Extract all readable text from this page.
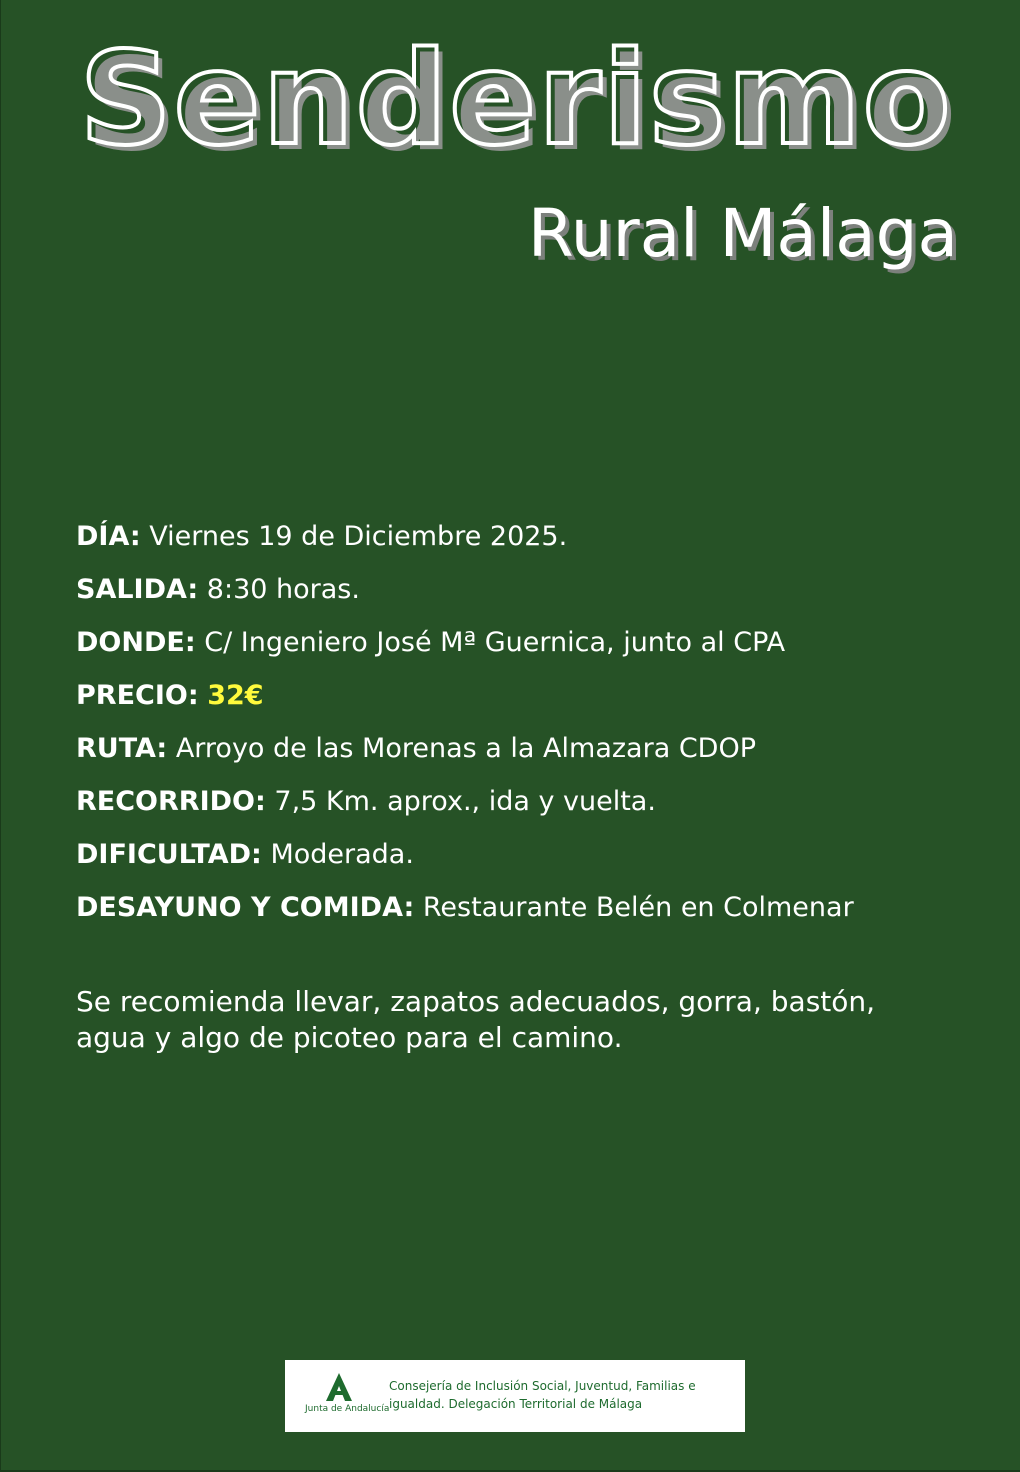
Senderismo
Rural Málaga
DÍA: Viernes 19 de Diciembre 2025.
SALIDA: 8:30 horas.
DONDE: C/ Ingeniero José Mª Guernica, junto al CPA
PRECIO: 32€
RUTA: Arroyo de las Morenas a la Almazara CDOP
RECORRIDO: 7,5 Km. aprox., ida y vuelta.
DIFICULTAD: Moderada.
DESAYUNO Y COMIDA: Restaurante Belén en Colmenar

Se recomienda llevar, zapatos adecuados, gorra, bastón,

agua y algo de picoteo para el camino.

Junta de Andalucía
Consejería de Inclusión Social, Juventud, Familias e
igualdad. Delegación Territorial de Málaga
